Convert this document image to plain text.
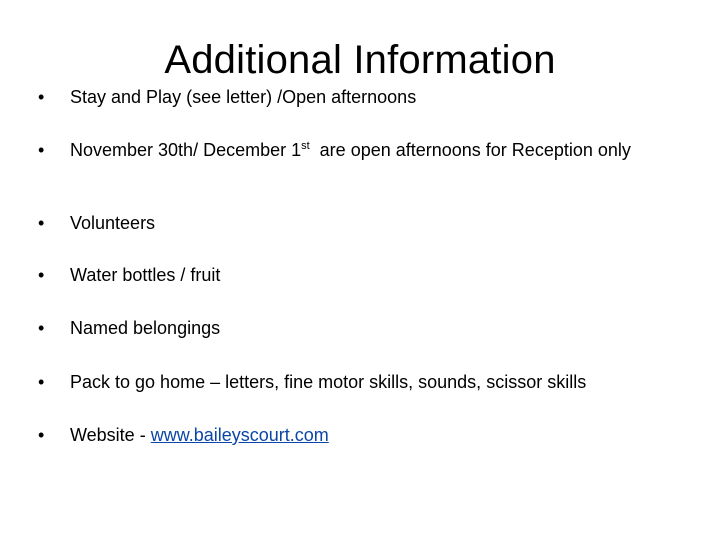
Additional Information
•	Stay and Play (see letter) /Open afternoons
•	November 30th/ December 1st  are open afternoons for Reception only
•	Volunteers
•	Water bottles / fruit
•	Named belongings
•	Pack to go home – letters, fine motor skills, sounds, scissor skills
•	Website - www.baileyscourt.com
